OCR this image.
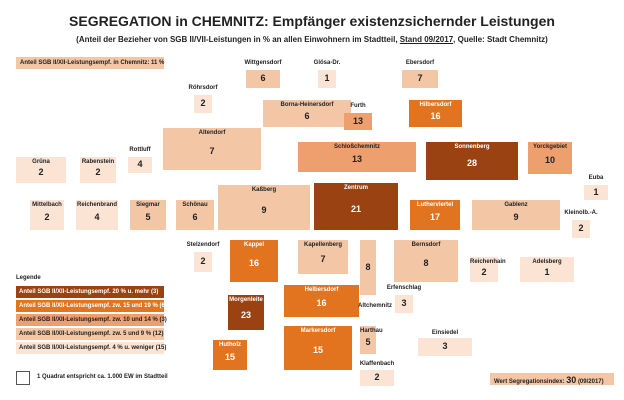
SEGREGATION in CHEMNITZ: Empfänger existenzsichernder Leistungen
(Anteil der Bezieher von SGB II/VII-Leistungen in % an allen Einwohnern im Stadtteil, Stand 09/2017, Quelle: Stadt Chemnitz)
Anteil SGB II/XII-Leistungsempf. in Chemnitz: 11 %	Wittgensdorf
6
Glösa-Dr.
1
Ebersdorf
7
Röhrsdorf
2	Borna-Heinersdorf
6
Furth
13
Hilbersdorf
16
Altendorf
7	Schloßchemnitz
13
Sonnenberg
28
Yorckgebiet
10
Grüna
2
Rabenstein
2
Rottluff
4
Euba
1
Kaßberg
9
Zentrum
21
Mittelbach
2
Reichenbrand
4
Siegmar
5
Schönau
6
Lutherviertel
17
Gablenz
9	Kleinolb.-A.
2
Stelzendorf
2
Kappel
16
Kapellenberg
7
Bernsdorf
8	Reichenhain
2
Adelsberg
1
Helbersdorf
16
Morgenleite
23
Altchemnitz
8
Erfenschlag
3
Hutholz
15
Markersdorf
15
Harthau
5
Einsiedel
3
Klaffenbach
2
Legende
Anteil SGB II/XII-Leistungsempf. 20 % u. mehr (3)
Anteil SGB II/XII-Leistungsempf. zw. 15 und 19 % (6)
Anteil SGB II/XII-Leistungsempf. zw. 10 und 14 % (3)
Anteil SGB II/XII-Leistungsempf. zw. 5 und 9 % (12)
Anteil SGB II/XII-Leistungsempf. 4 % u. weniger (15)
1 Quadrat entspricht ca. 1.000 EW im Stadtteil
Wert Segregationsindex: 30 (09/2017)
